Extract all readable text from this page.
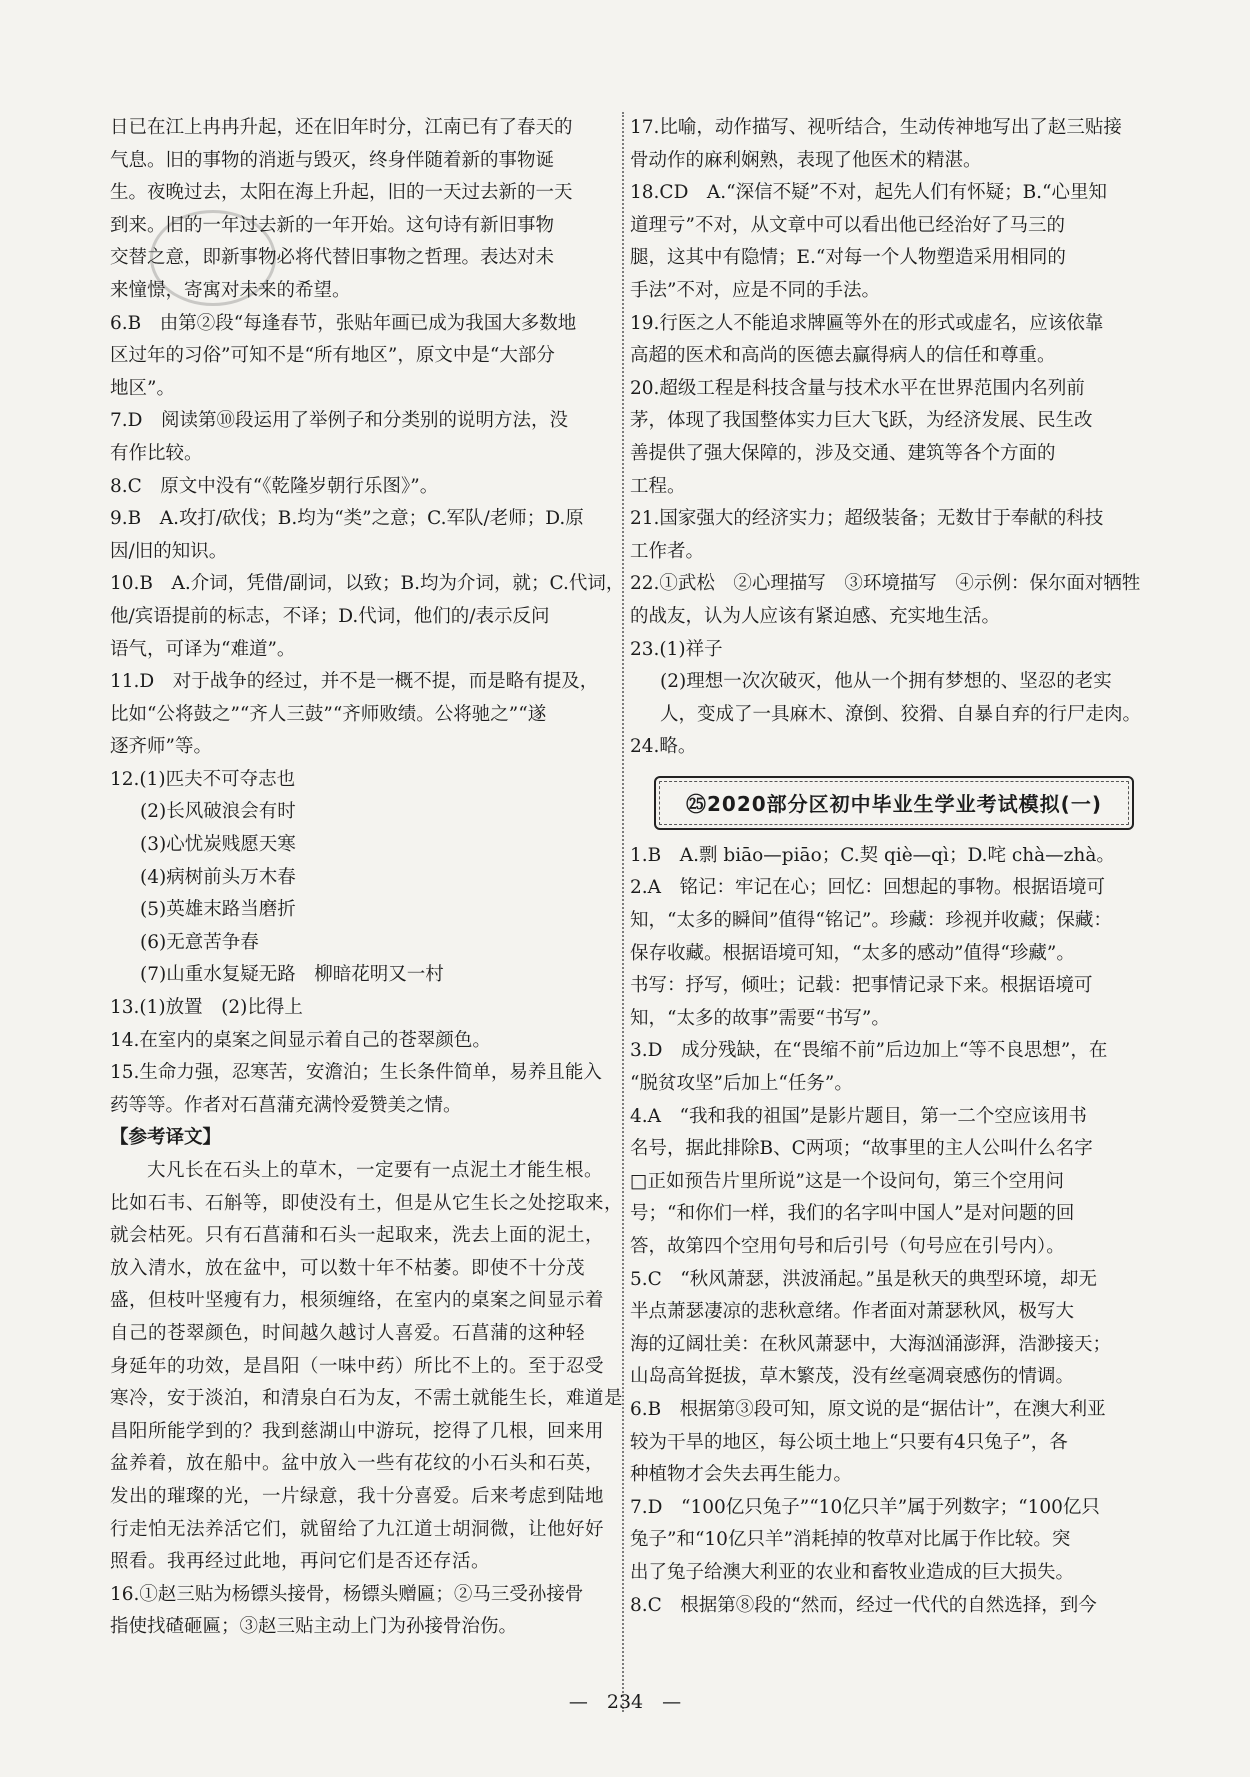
日已在江上冉冉升起，还在旧年时分，江南已有了春天的

气息。旧的事物的消逝与毁灭，终身伴随着新的事物诞

生。夜晚过去，太阳在海上升起，旧的一天过去新的一天

到来。旧的一年过去新的一年开始。这句诗有新旧事物

交替之意，即新事物必将代替旧事物之哲理。表达对未

来憧憬，寄寓对未来的希望。

6.B　由第②段“每逢春节，张贴年画已成为我国大多数地

区过年的习俗”可知不是“所有地区”，原文中是“大部分

地区”。

7.D　阅读第⑩段运用了举例子和分类别的说明方法，没

有作比较。

8.C　原文中没有“《乾隆岁朝行乐图》”。

9.B　A.攻打/砍伐；B.均为“类”之意；C.军队/老师；D.原

因/旧的知识。

10.B　A.介词，凭借/副词，以致；B.均为介词，就；C.代词，

他/宾语提前的标志，不译；D.代词，他们的/表示反问

语气，可译为“难道”。

11.D　对于战争的经过，并不是一概不提，而是略有提及，

比如“公将鼓之”“齐人三鼓”“齐师败绩。公将驰之”“遂

逐齐师”等。

12.(1)匹夫不可夺志也

(2)长风破浪会有时

(3)心忧炭贱愿天寒

(4)病树前头万木春

(5)英雄末路当磨折

(6)无意苦争春

(7)山重水复疑无路　柳暗花明又一村

13.(1)放置　(2)比得上

14.在室内的桌案之间显示着自己的苍翠颜色。

15.生命力强，忍寒苦，安澹泊；生长条件简单，易养且能入

药等等。作者对石菖蒲充满怜爱赞美之情。

【参考译文】

大凡长在石头上的草木，一定要有一点泥土才能生根。

比如石韦、石斛等，即使没有土，但是从它生长之处挖取来，

就会枯死。只有石菖蒲和石头一起取来，洗去上面的泥土，

放入清水，放在盆中，可以数十年不枯萎。即使不十分茂

盛，但枝叶坚瘦有力，根须缠络，在室内的桌案之间显示着

自己的苍翠颜色，时间越久越讨人喜爱。石菖蒲的这种轻

身延年的功效，是昌阳（一味中药）所比不上的。至于忍受

寒冷，安于淡泊，和清泉白石为友，不需土就能生长，难道是

昌阳所能学到的？我到慈湖山中游玩，挖得了几根，回来用

盆养着，放在船中。盆中放入一些有花纹的小石头和石英，

发出的璀璨的光，一片绿意，我十分喜爱。后来考虑到陆地

行走怕无法养活它们，就留给了九江道士胡洞微，让他好好

照看。我再经过此地，再问它们是否还存活。

16.①赵三贴为杨镖头接骨，杨镖头赠匾；②马三受孙接骨

指使找碴砸匾；③赵三贴主动上门为孙接骨治伤。

17.比喻，动作描写、视听结合，生动传神地写出了赵三贴接

骨动作的麻利娴熟，表现了他医术的精湛。

18.CD　A.“深信不疑”不对，起先人们有怀疑；B.“心里知

道理亏”不对，从文章中可以看出他已经治好了马三的

腿，这其中有隐情；E.“对每一个人物塑造采用相同的

手法”不对，应是不同的手法。

19.行医之人不能追求牌匾等外在的形式或虚名，应该依靠

高超的医术和高尚的医德去赢得病人的信任和尊重。

20.超级工程是科技含量与技术水平在世界范围内名列前

茅，体现了我国整体实力巨大飞跃，为经济发展、民生改

善提供了强大保障的，涉及交通、建筑等各个方面的

工程。

21.国家强大的经济实力；超级装备；无数甘于奉献的科技

工作者。

22.①武松　②心理描写　③环境描写　④示例：保尔面对牺牲

的战友，认为人应该有紧迫感、充实地生活。

23.(1)祥子

(2)理想一次次破灭，他从一个拥有梦想的、坚忍的老实

人，变成了一具麻木、潦倒、狡猾、自暴自弃的行尸走肉。

24.略。

㉕2020部分区初中毕业生学业考试模拟(一)

1.B　A.剽 biāo—piāo；C.契 qiè—qì；D.咤 chà—zhà。

2.A　铭记：牢记在心；回忆：回想起的事物。根据语境可

知，“太多的瞬间”值得“铭记”。珍藏：珍视并收藏；保藏：

保存收藏。根据语境可知，“太多的感动”值得“珍藏”。

书写：抒写，倾吐；记载：把事情记录下来。根据语境可

知，“太多的故事”需要“书写”。

3.D　成分残缺，在“畏缩不前”后边加上“等不良思想”，在

“脱贫攻坚”后加上“任务”。

4.A　“我和我的祖国”是影片题目，第一二个空应该用书

名号，据此排除B、C两项；“故事里的主人公叫什么名字

□正如预告片里所说”这是一个设问句，第三个空用问

号；“和你们一样，我们的名字叫中国人”是对问题的回

答，故第四个空用句号和后引号（句号应在引号内）。

5.C　“秋风萧瑟，洪波涌起。”虽是秋天的典型环境，却无

半点萧瑟凄凉的悲秋意绪。作者面对萧瑟秋风，极写大

海的辽阔壮美：在秋风萧瑟中，大海汹涌澎湃，浩渺接天；

山岛高耸挺拔，草木繁茂，没有丝毫凋衰感伤的情调。

6.B　根据第③段可知，原文说的是“据估计”，在澳大利亚

较为干旱的地区，每公顷土地上“只要有4只兔子”，各

种植物才会失去再生能力。

7.D　“100亿只兔子”“10亿只羊”属于列数字；“100亿只

兔子”和“10亿只羊”消耗掉的牧草对比属于作比较。突

出了兔子给澳大利亚的农业和畜牧业造成的巨大损失。

8.C　根据第⑧段的“然而，经过一代代的自然选择，到今

—　234　—
